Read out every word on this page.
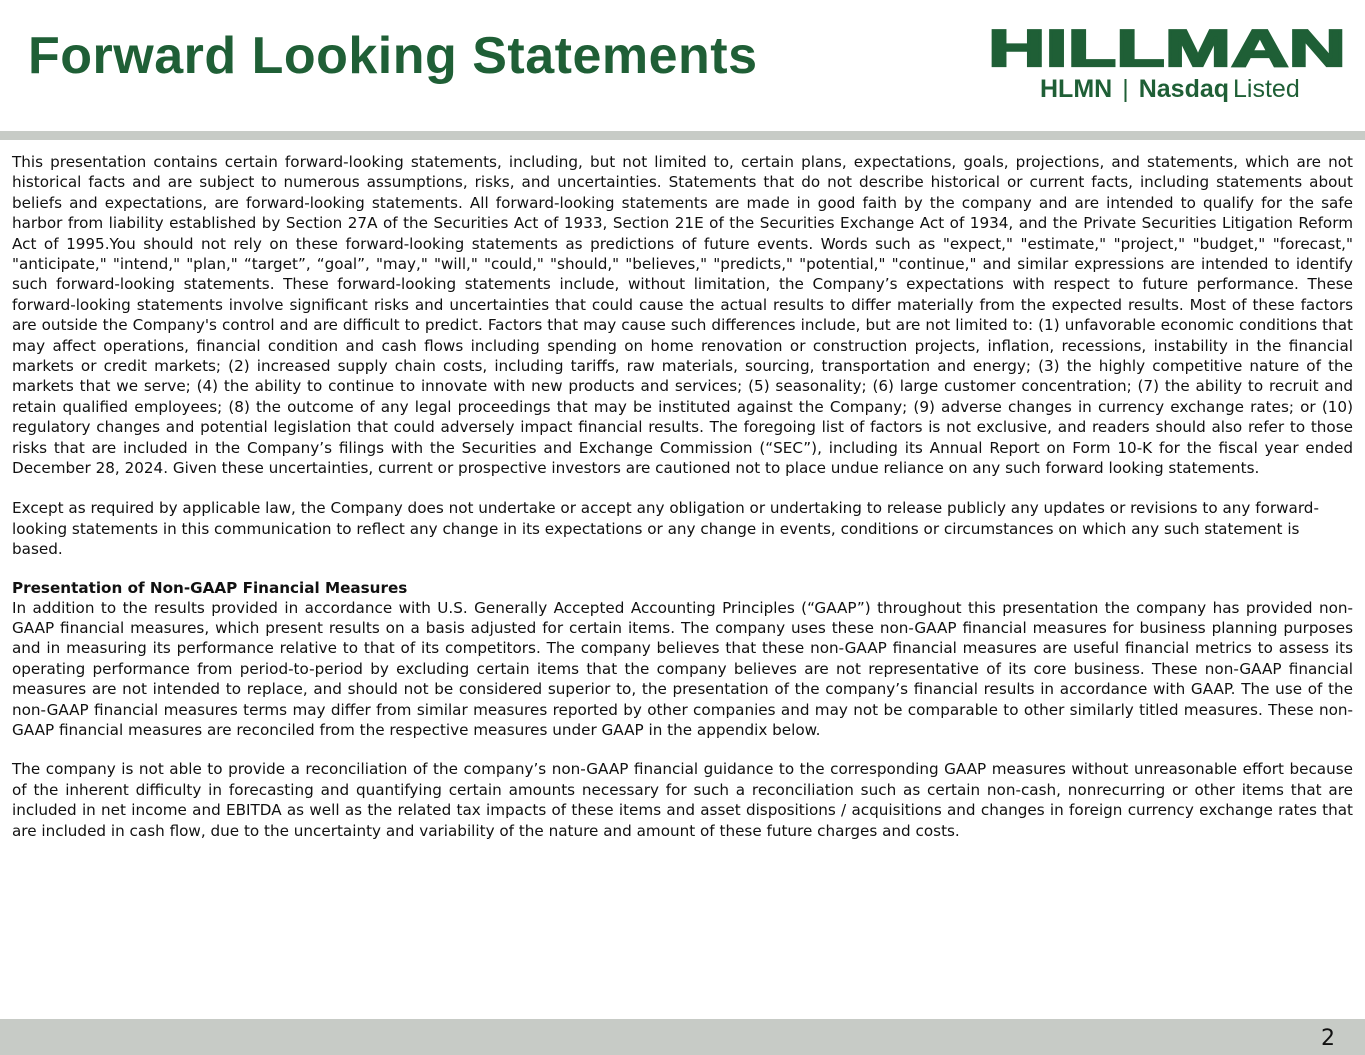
Forward Looking Statements	HILLMAN
HLMN | Nasdaq Listed

This presentation contains certain forward-looking statements, including, but not limited to, certain plans, expectations, goals, projections, and statements, which are not historical facts and are subject to numerous assumptions, risks, and uncertainties. Statements that do not describe historical or current facts, including statements about beliefs and expectations, are forward-looking statements. All forward-looking statements are made in good faith by the company and are intended to qualify for the safe harbor from liability established by Section 27A of the Securities Act of 1933, Section 21E of the Securities Exchange Act of 1934, and the Private Securities Litigation Reform Act of 1995.You should not rely on these forward-looking statements as predictions of future events. Words such as "expect," "estimate," "project," "budget," "forecast," "anticipate," "intend," "plan," “target”, “goal”, "may," "will," "could," "should," "believes," "predicts," "potential," "continue," and similar expressions are intended to identify such forward-looking statements. These forward-looking statements include, without limitation, the Company’s expectations with respect to future performance. These forward-looking statements involve significant risks and uncertainties that could cause the actual results to differ materially from the expected results. Most of these factors are outside the Company's control and are difficult to predict. Factors that may cause such differences include, but are not limited to: (1) unfavorable economic conditions that may affect operations, financial condition and cash flows including spending on home renovation or construction projects, inflation, recessions, instability in the financial markets or credit markets; (2) increased supply chain costs, including tariffs, raw materials, sourcing, transportation and energy; (3) the highly competitive nature of the markets that we serve; (4) the ability to continue to innovate with new products and services; (5) seasonality; (6) large customer concentration; (7) the ability to recruit and retain qualified employees; (8) the outcome of any legal proceedings that may be instituted against the Company; (9) adverse changes in currency exchange rates; or (10) regulatory changes and potential legislation that could adversely impact financial results. The foregoing list of factors is not exclusive, and readers should also refer to those risks that are included in the Company’s filings with the Securities and Exchange Commission (“SEC”), including its Annual Report on Form 10-K for the fiscal year ended December 28, 2024. Given these uncertainties, current or prospective investors are cautioned not to place undue reliance on any such forward looking statements.

Except as required by applicable law, the Company does not undertake or accept any obligation or undertaking to release publicly any updates or revisions to any forward-looking statements in this communication to reflect any change in its expectations or any change in events, conditions or circumstances on which any such statement is based.

Presentation of Non-GAAP Financial Measures

In addition to the results provided in accordance with U.S. Generally Accepted Accounting Principles (“GAAP”) throughout this presentation the company has provided non-GAAP financial measures, which present results on a basis adjusted for certain items. The company uses these non-GAAP financial measures for business planning purposes and in measuring its performance relative to that of its competitors. The company believes that these non-GAAP financial measures are useful financial metrics to assess its operating performance from period-to-period by excluding certain items that the company believes are not representative of its core business. These non-GAAP financial measures are not intended to replace, and should not be considered superior to, the presentation of the company’s financial results in accordance with GAAP. The use of the non-GAAP financial measures terms may differ from similar measures reported by other companies and may not be comparable to other similarly titled measures. These non-GAAP financial measures are reconciled from the respective measures under GAAP in the appendix below.

The company is not able to provide a reconciliation of the company’s non-GAAP financial guidance to the corresponding GAAP measures without unreasonable effort because of the inherent difficulty in forecasting and quantifying certain amounts necessary for such a reconciliation such as certain non-cash, nonrecurring or other items that are included in net income and EBITDA as well as the related tax impacts of these items and asset dispositions / acquisitions and changes in foreign currency exchange rates that are included in cash flow, due to the uncertainty and variability of the nature and amount of these future charges and costs.

2
